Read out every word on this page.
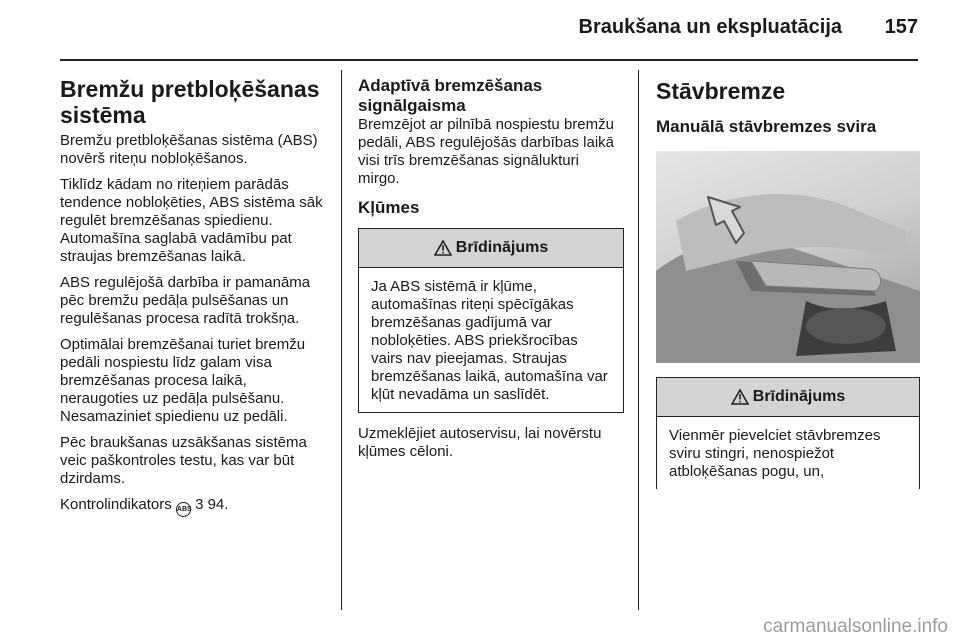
Braukšana un ekspluatācija 157
Bremžu pretbloķēšanas sistēma

Bremžu pretbloķēšanas sistēma (ABS) novērš riteņu nobloķēšanos.

Tiklīdz kādam no riteņiem parādās tendence nobloķēties, ABS sistēma sāk regulēt bremzēšanas spiedienu. Automašīna saglabā vadāmību pat straujas bremzēšanas laikā.

ABS regulējošā darbība ir pamanāma pēc bremžu pedāļa pulsēšanas un regulēšanas procesa radītā trokšņa.

Optimālai bremzēšanai turiet bremžu pedāli nospiestu līdz galam visa bremzēšanas procesa laikā, neraugoties uz pedāļa pulsēšanu. Nesamaziniet spiedienu uz pedāli.

Pēc braukšanas uzsākšanas sistēma veic paškontroles testu, kas var būt dzirdams.

Kontrolindikators ABS 3 94.

Adaptīvā bremzēšanas signālgaisma

Bremzējot ar pilnībā nospiestu bremžu pedāli, ABS regulējošās darbības laikā visi trīs bremzēšanas signālukturi mirgo.

Kļūmes
Brīdinājums
Ja ABS sistēmā ir kļūme, automašīnas riteņi spēcīgākas bremzēšanas gadījumā var nobloķēties. ABS priekšrocības vairs nav pieejamas. Straujas bremzēšanas laikā, automašīna var kļūt nevadāma un saslīdēt.

Uzmeklējiet autoservisu, lai novērstu kļūmes cēloni.

Stāvbremze
Manuālā stāvbremzes svira
Brīdinājums
Vienmēr pievelciet stāvbremzes sviru stingri, nenospiežot atbloķēšanas pogu, un,
carmanualsonline.info
